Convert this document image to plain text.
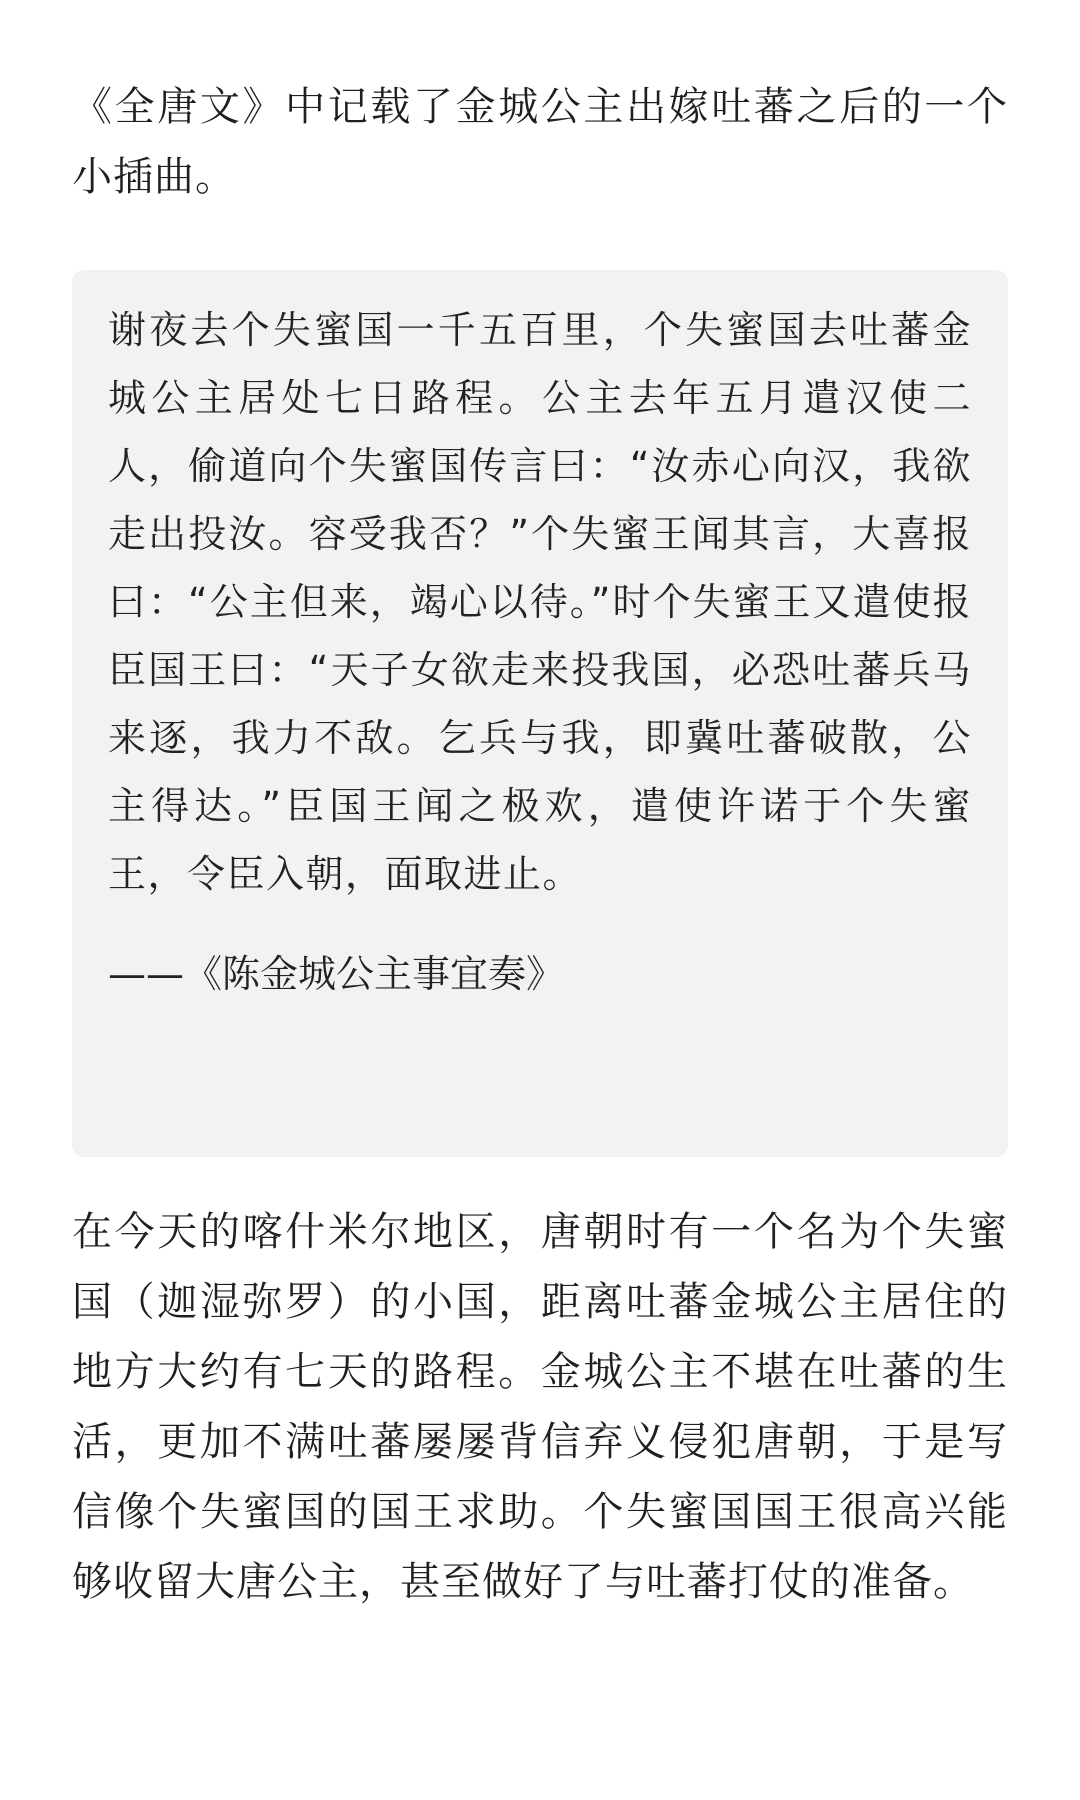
《全唐文》中记载了金城公主出嫁吐蕃之后的一个小插曲。

谢夜去个失蜜国一千五百里，个失蜜国去吐蕃金城公主居处七日路程。公主去年五月遣汉使二人，偷道向个失蜜国传言曰：“汝赤心向汉，我欲走出投汝。容受我否？”个失蜜王闻其言，大喜报曰：“公主但来，竭心以待。”时个失蜜王又遣使报臣国王曰：“天子女欲走来投我国，必恐吐蕃兵马来逐，我力不敌。乞兵与我，即冀吐蕃破散，公主得达。”臣国王闻之极欢，遣使许诺于个失蜜王，令臣入朝，面取进止。

——《陈金城公主事宜奏》

在今天的喀什米尔地区，唐朝时有一个名为个失蜜国（迦湿弥罗）的小国，距离吐蕃金城公主居住的地方大约有七天的路程。金城公主不堪在吐蕃的生活，更加不满吐蕃屡屡背信弃义侵犯唐朝，于是写信像个失蜜国的国王求助。个失蜜国国王很高兴能够收留大唐公主，甚至做好了与吐蕃打仗的准备。
